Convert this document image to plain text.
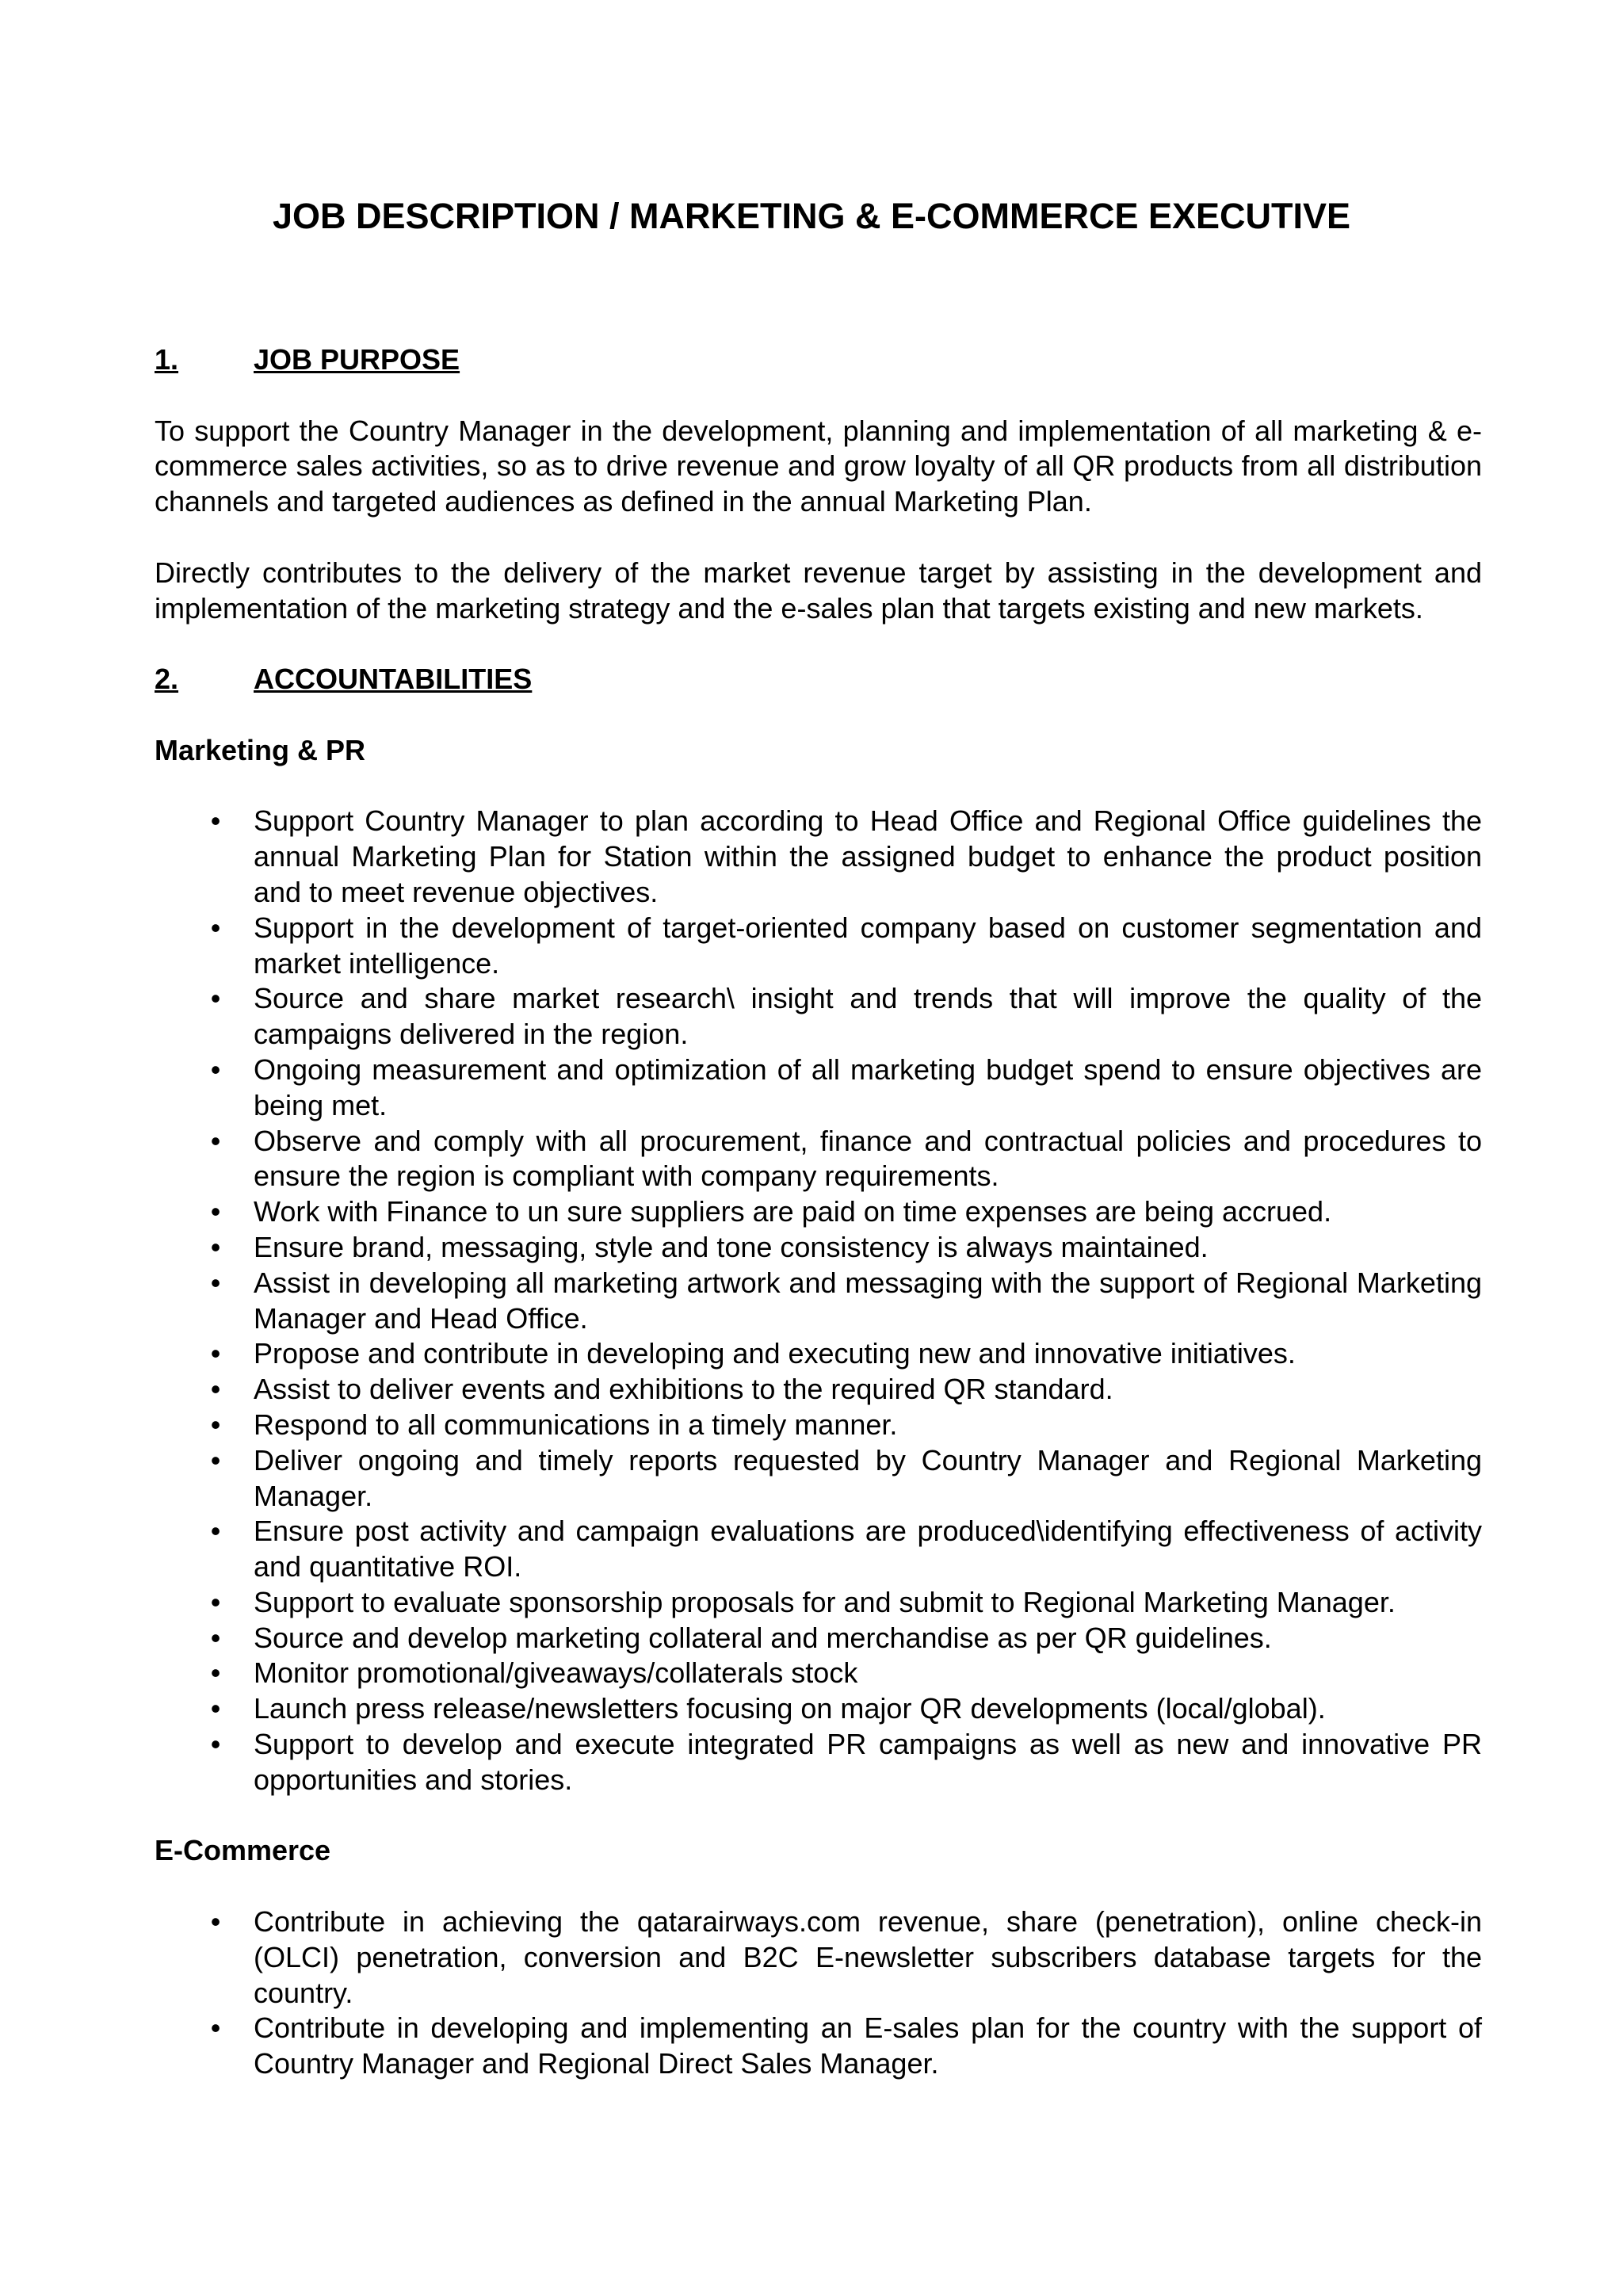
JOB DESCRIPTION / MARKETING & E-COMMERCE EXECUTIVE
1.	JOB PURPOSE

To support the Country Manager in the development, planning and implementation of all marketing & e-commerce sales activities, so as to drive revenue and grow loyalty of all QR products from all distribution channels and targeted audiences as defined in the annual Marketing Plan.

Directly contributes to the delivery of the market revenue target by assisting in the development and implementation of the marketing strategy and the e-sales plan that targets existing and new markets.

2.	ACCOUNTABILITIES

Marketing & PR

• Support Country Manager to plan according to Head Office and Regional Office guidelines the annual Marketing Plan for Station within the assigned budget to enhance the product position and to meet revenue objectives.
• Support in the development of target-oriented company based on customer segmentation and market intelligence.
• Source and share market research\ insight and trends that will improve the quality of the campaigns delivered in the region.
• Ongoing measurement and optimization of all marketing budget spend to ensure objectives are being met.
• Observe and comply with all procurement, finance and contractual policies and procedures to ensure the region is compliant with company requirements.
• Work with Finance to un sure suppliers are paid on time expenses are being accrued.
• Ensure brand, messaging, style and tone consistency is always maintained.
• Assist in developing all marketing artwork and messaging with the support of Regional Marketing Manager and Head Office.
• Propose and contribute in developing and executing new and innovative initiatives.
• Assist to deliver events and exhibitions to the required QR standard.
• Respond to all communications in a timely manner.
• Deliver ongoing and timely reports requested by Country Manager and Regional Marketing Manager.
• Ensure post activity and campaign evaluations are produced\identifying effectiveness of activity and quantitative ROI.
• Support to evaluate sponsorship proposals for and submit to Regional Marketing Manager.
• Source and develop marketing collateral and merchandise as per QR guidelines.
• Monitor promotional/giveaways/collaterals stock
• Launch press release/newsletters focusing on major QR developments (local/global).
• Support to develop and execute integrated PR campaigns as well as new and innovative PR opportunities and stories.

E-Commerce

• Contribute in achieving the qatarairways.com revenue, share (penetration), online check-in (OLCI) penetration, conversion and B2C E-newsletter subscribers database targets for the country.
• Contribute in developing and implementing an E-sales plan for the country with the support of Country Manager and Regional Direct Sales Manager.
